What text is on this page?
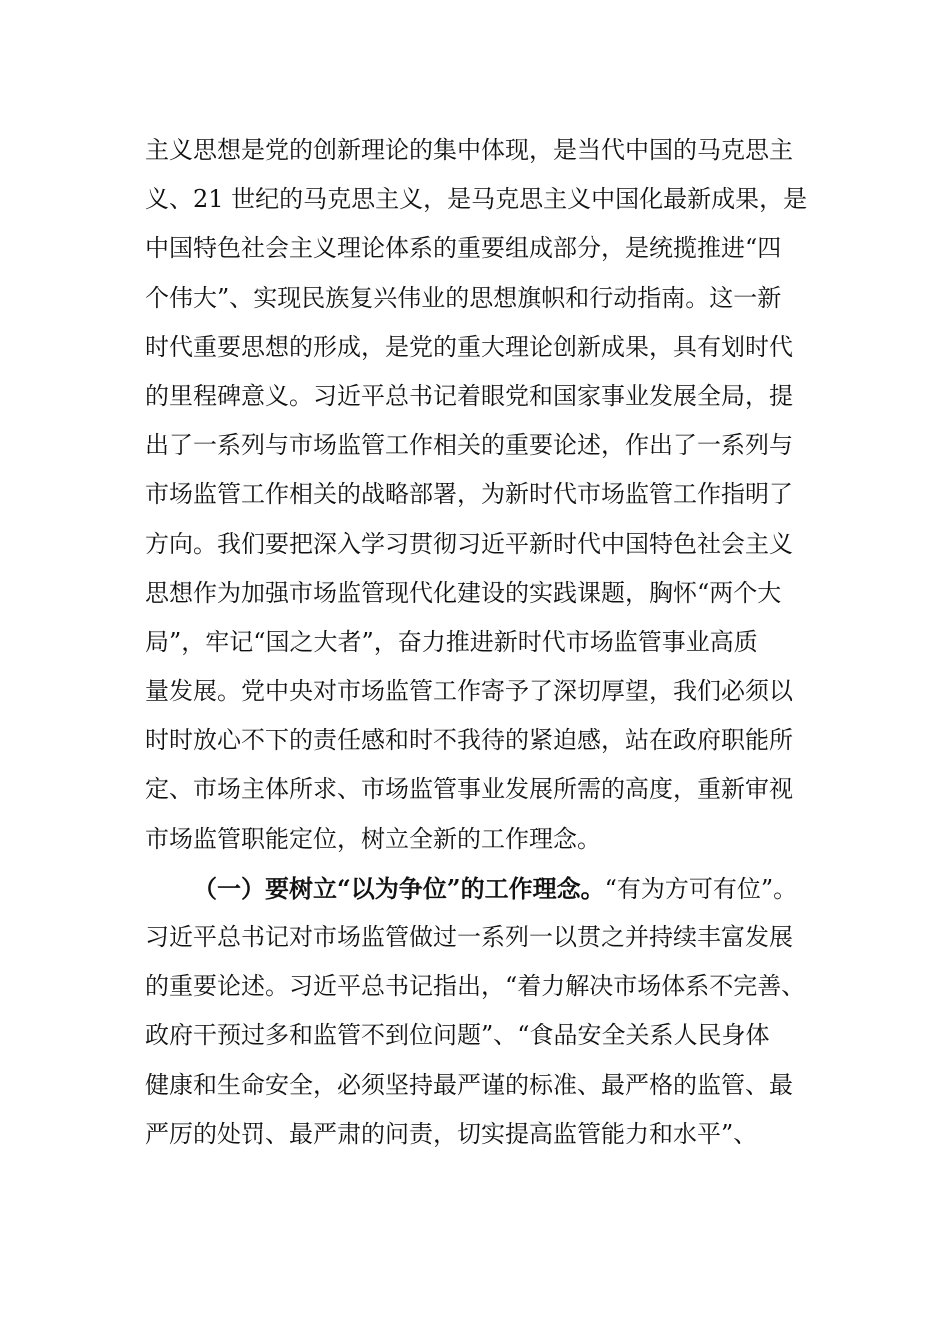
主义思想是党的创新理论的集中体现，是当代中国的马克思主
义、21 世纪的马克思主义，是马克思主义中国化最新成果，是
中国特色社会主义理论体系的重要组成部分，是统揽推进“四
个伟大”、实现民族复兴伟业的思想旗帜和行动指南。这一新
时代重要思想的形成，是党的重大理论创新成果，具有划时代
的里程碑意义。习近平总书记着眼党和国家事业发展全局，提
出了一系列与市场监管工作相关的重要论述，作出了一系列与
市场监管工作相关的战略部署，为新时代市场监管工作指明了
方向。我们要把深入学习贯彻习近平新时代中国特色社会主义
思想作为加强市场监管现代化建设的实践课题，胸怀“两个大
局”，牢记“国之大者”，奋力推进新时代市场监管事业高质
量发展。党中央对市场监管工作寄予了深切厚望，我们必须以
时时放心不下的责任感和时不我待的紧迫感，站在政府职能所
定、市场主体所求、市场监管事业发展所需的高度，重新审视
市场监管职能定位，树立全新的工作理念。
（一）要树立“以为争位”的工作理念。“有为方可有位”。
习近平总书记对市场监管做过一系列一以贯之并持续丰富发展
的重要论述。习近平总书记指出，“着力解决市场体系不完善、
政府干预过多和监管不到位问题”、“食品安全关系人民身体
健康和生命安全，必须坚持最严谨的标准、最严格的监管、最
严厉的处罚、最严肃的问责，切实提高监管能力和水平”、
